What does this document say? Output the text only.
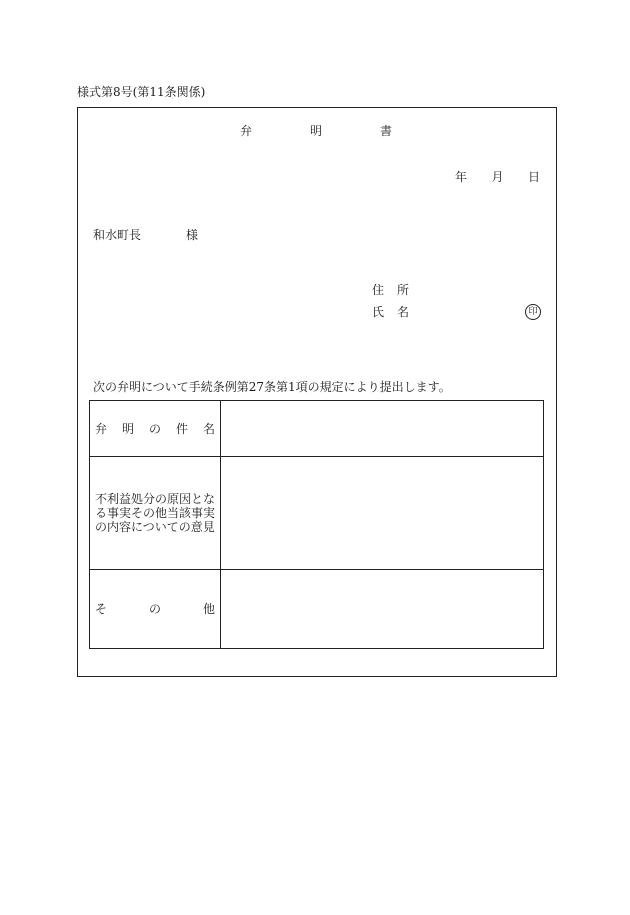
様式第8号(第11条関係)
弁	明	書
年 月 日
和水町長	様
住 所
氏 名	印
次の弁明について手続条例第27条第1項の規定により提出します。
弁 明 の 件 名	

不利益処分の原因とな
る事実その他当該事実
の内容についての意見	

そ の 他	
